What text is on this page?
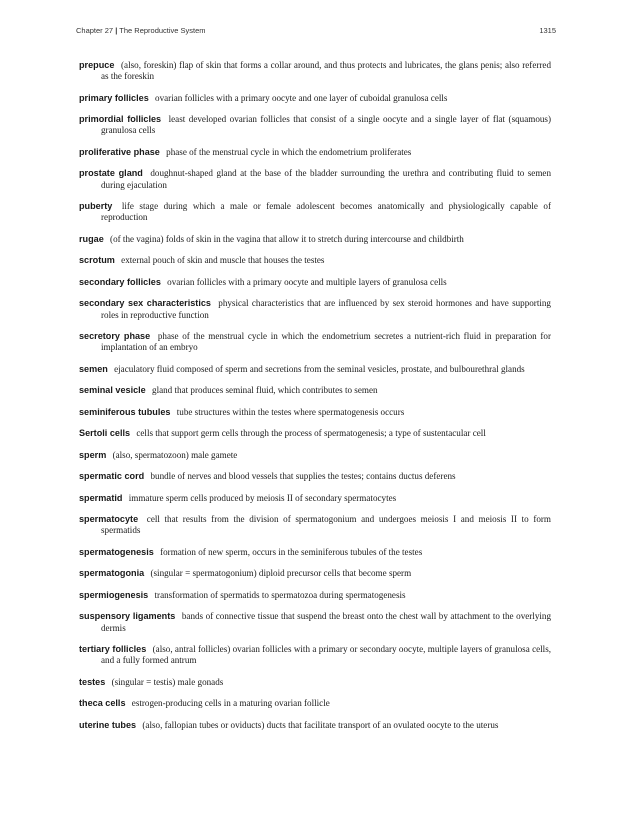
Chapter 27 | The Reproductive System	1315

prepuce (also, foreskin) flap of skin that forms a collar around, and thus protects and lubricates, the glans penis; also referred as the foreskin

primary follicles ovarian follicles with a primary oocyte and one layer of cuboidal granulosa cells

primordial follicles least developed ovarian follicles that consist of a single oocyte and a single layer of flat (squamous) granulosa cells

proliferative phase phase of the menstrual cycle in which the endometrium proliferates

prostate gland doughnut-shaped gland at the base of the bladder surrounding the urethra and contributing fluid to semen during ejaculation

puberty life stage during which a male or female adolescent becomes anatomically and physiologically capable of reproduction

rugae (of the vagina) folds of skin in the vagina that allow it to stretch during intercourse and childbirth

scrotum external pouch of skin and muscle that houses the testes

secondary follicles ovarian follicles with a primary oocyte and multiple layers of granulosa cells

secondary sex characteristics physical characteristics that are influenced by sex steroid hormones and have supporting roles in reproductive function

secretory phase phase of the menstrual cycle in which the endometrium secretes a nutrient-rich fluid in preparation for implantation of an embryo

semen ejaculatory fluid composed of sperm and secretions from the seminal vesicles, prostate, and bulbourethral glands

seminal vesicle gland that produces seminal fluid, which contributes to semen

seminiferous tubules tube structures within the testes where spermatogenesis occurs

Sertoli cells cells that support germ cells through the process of spermatogenesis; a type of sustentacular cell

sperm (also, spermatozoon) male gamete

spermatic cord bundle of nerves and blood vessels that supplies the testes; contains ductus deferens

spermatid immature sperm cells produced by meiosis II of secondary spermatocytes

spermatocyte cell that results from the division of spermatogonium and undergoes meiosis I and meiosis II to form spermatids

spermatogenesis formation of new sperm, occurs in the seminiferous tubules of the testes

spermatogonia (singular = spermatogonium) diploid precursor cells that become sperm

spermiogenesis transformation of spermatids to spermatozoa during spermatogenesis

suspensory ligaments bands of connective tissue that suspend the breast onto the chest wall by attachment to the overlying dermis

tertiary follicles (also, antral follicles) ovarian follicles with a primary or secondary oocyte, multiple layers of granulosa cells, and a fully formed antrum

testes (singular = testis) male gonads

theca cells estrogen-producing cells in a maturing ovarian follicle

uterine tubes (also, fallopian tubes or oviducts) ducts that facilitate transport of an ovulated oocyte to the uterus
